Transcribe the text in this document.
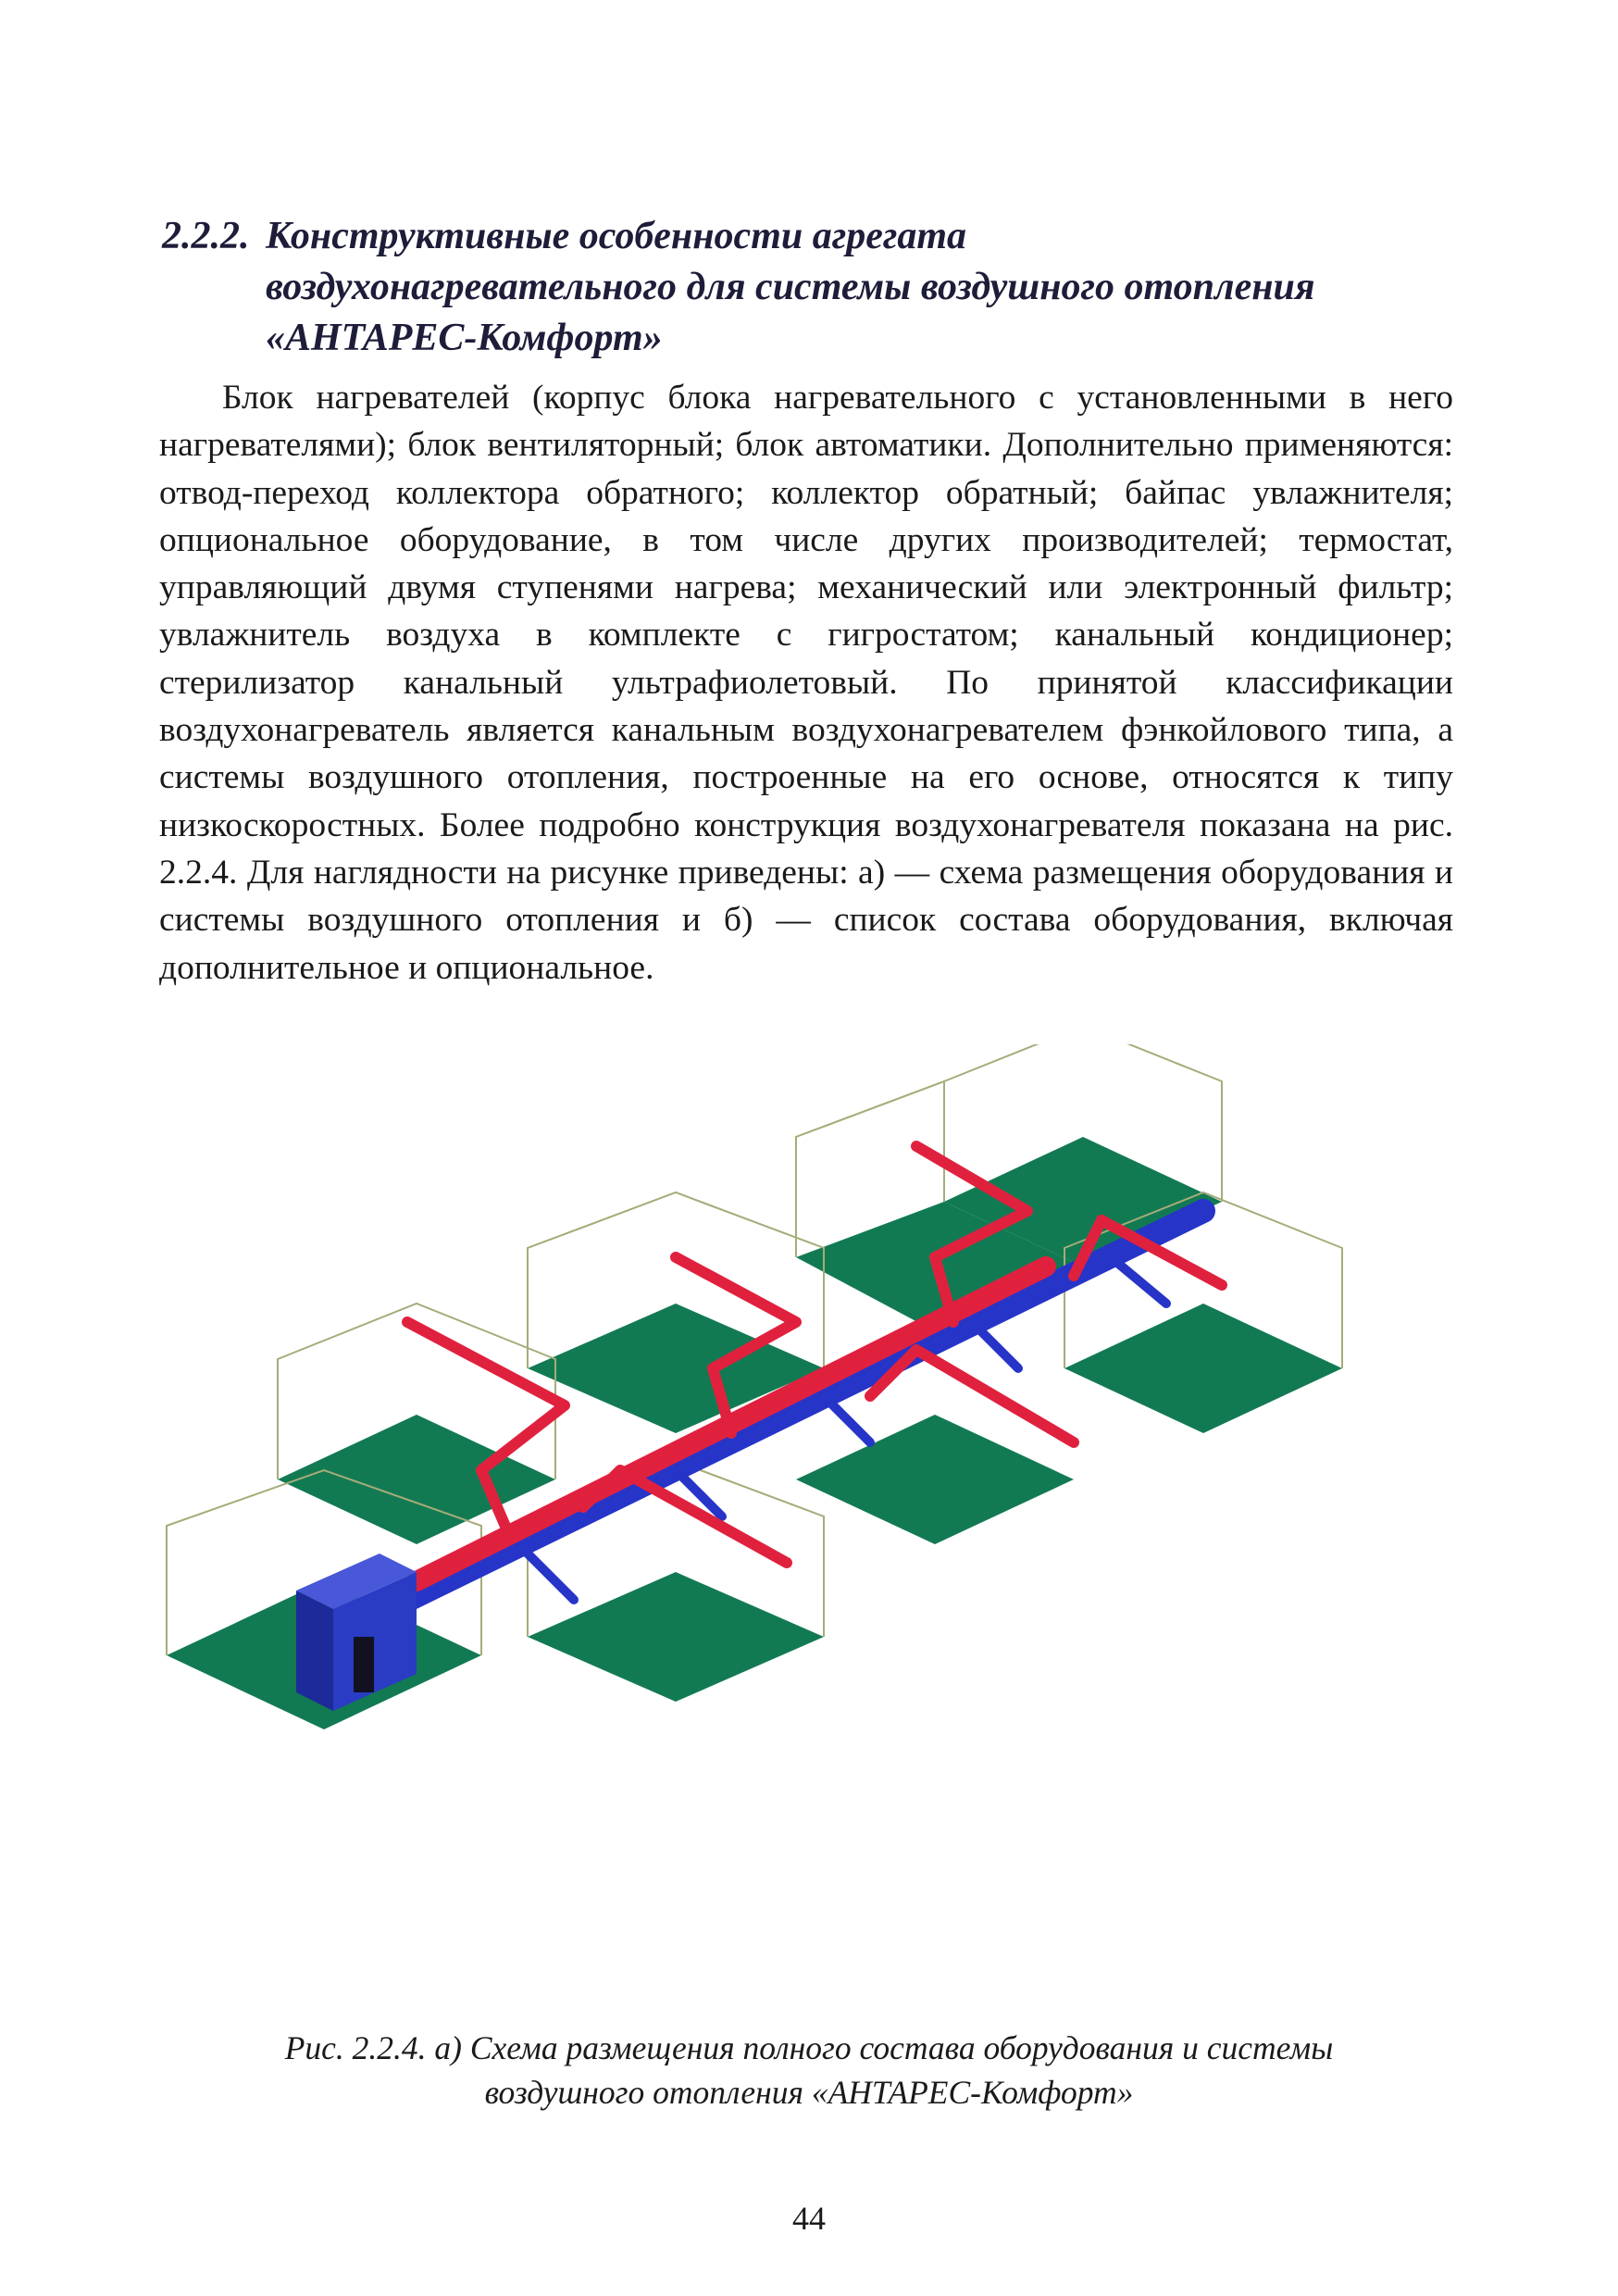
2.2.2. Конструктивные особенности агрегата
воздухонагревательного для системы воздушного отопления
«АНТАРЕС-Комфорт»

Блок нагревателей (корпус блока нагревательного с установленными в него нагревателями); блок вентиляторный; блок автоматики. Дополнительно применяются: отвод-переход коллектора обратного; коллектор обратный; байпас увлажнителя; опциональное оборудование, в том числе других производителей; термостат, управляющий двумя ступенями нагрева; механический или электронный фильтр; увлажнитель воздуха в комплекте с гигростатом; канальный кондиционер; стерилизатор канальный ультрафиолетовый. По принятой классификации воздухонагреватель является канальным воздухонагревателем фэнкойлового типа, а системы воздушного отопления, построенные на его основе, относятся к типу низкоскоростных. Более подробно конструкция воздухонагревателя показана на рис. 2.2.4. Для наглядности на рисунке приведены: а) — схема размещения оборудования и системы воздушного отопления и б) — список состава оборудования, включая дополнительное и опциональное.

Рис. 2.2.4. а) Схема размещения полного состава оборудования и системы
воздушного отопления «АНТАРЕС-Комфорт»
44
